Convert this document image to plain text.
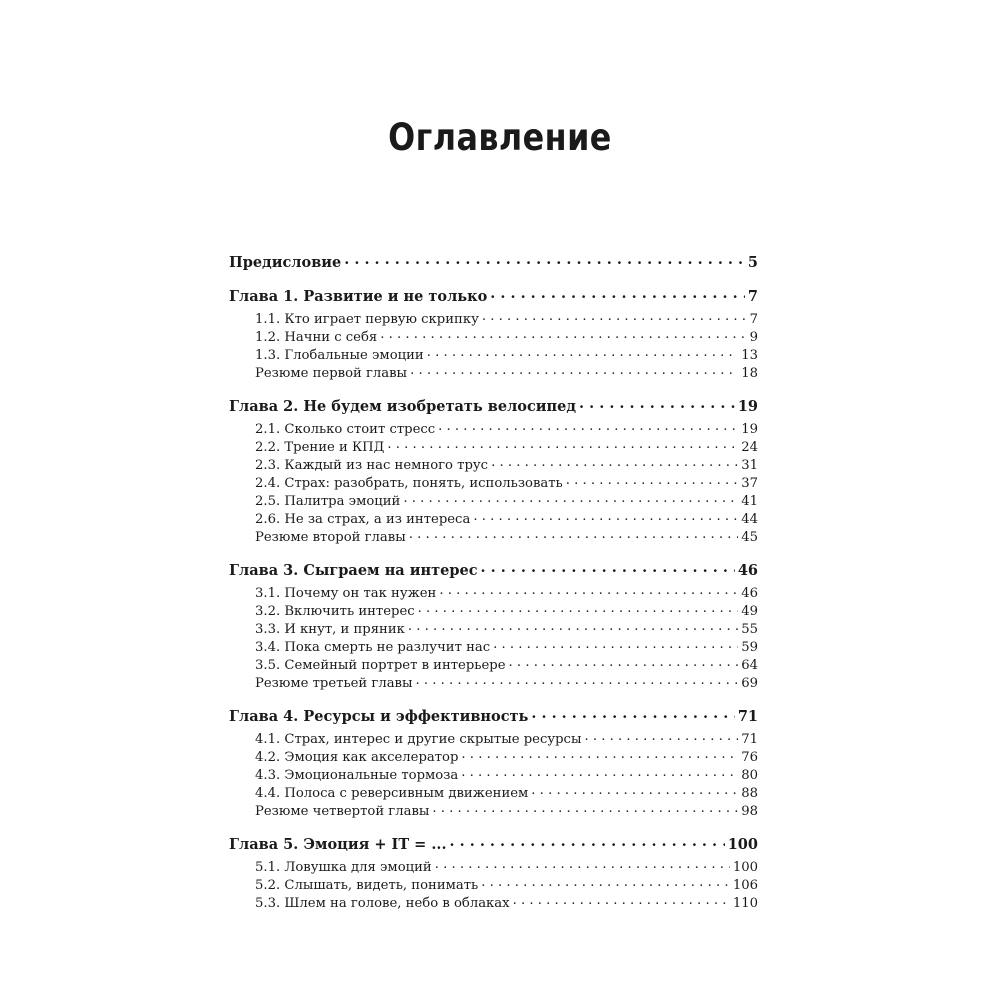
Оглавление
Предисловие . . .	5
Глава 1. Развитие и не только . . .	7
1.1. Кто играет первую скрипку . . .	7
1.2. Начни с себя . . .	9
1.3. Глобальные эмоции . . .	13
Резюме первой главы . . .	18
Глава 2. Не будем изобретать велосипед . . .	19
2.1. Сколько стоит стресс . . .	19
2.2. Трение и КПД . . .	24
2.3. Каждый из нас немного трус . . .	31
2.4. Страх: разобрать, понять, использовать . . .	37
2.5. Палитра эмоций . . .	41
2.6. Не за страх, а из интереса . . .	44
Резюме второй главы . . .	45
Глава 3. Сыграем на интерес . . .	46
3.1. Почему он так нужен . . .	46
3.2. Включить интерес . . .	49
3.3. И кнут, и пряник . . .	55
3.4. Пока смерть не разлучит нас . . .	59
3.5. Семейный портрет в интерьере . . .	64
Резюме третьей главы . . .	69
Глава 4. Ресурсы и эффективность . . .	71
4.1. Страх, интерес и другие скрытые ресурсы . . .	71
4.2. Эмоция как акселератор . . .	76
4.3. Эмоциональные тормоза . . .	80
4.4. Полоса с реверсивным движением . . .	88
Резюме четвертой главы . . .	98
Глава 5. Эмоция + IT = ... . . .	100
5.1. Ловушка для эмоций . . .	100
5.2. Слышать, видеть, понимать . . .	106
5.3. Шлем на голове, небо в облаках . . .	110
